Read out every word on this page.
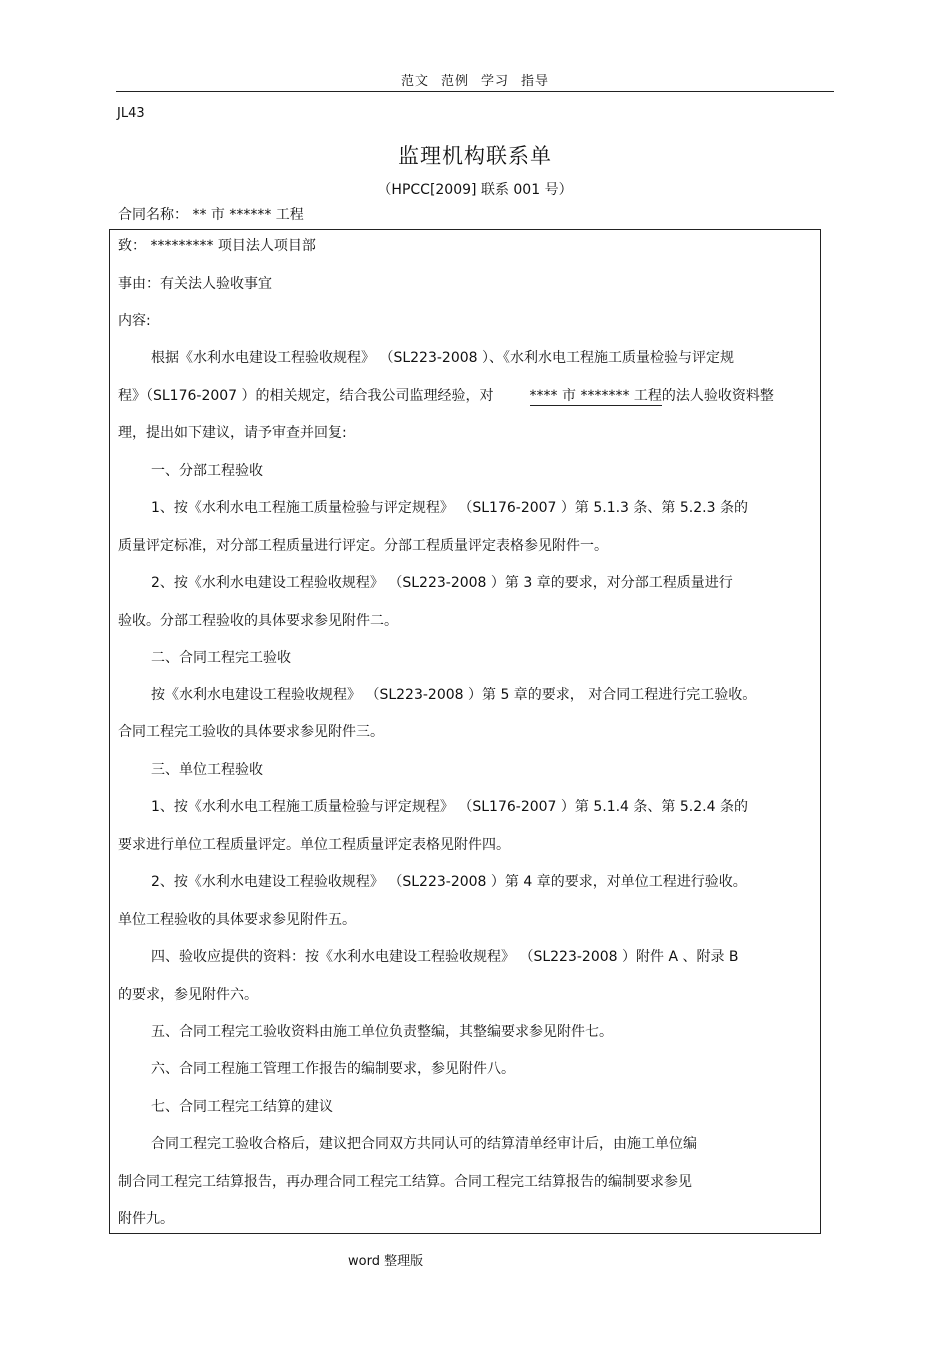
范文 范例 学习 指导
JL43
监理机构联系单
（HPCC[2009] 联系 001 号）
合同名称： ** 市 ****** 工程
致： ********* 项目法人项目部
事由：有关法人验收事宜
内容:
根据《水利水电建设工程验收规程》 （SL223-2008 ）、《水利水电工程施工质量检验与评定规
程》（SL176-2007 ）的相关规定，结合我公司监理经验，对	**** 市 ******* 工程的法人验收资料整
理，提出如下建议，请予审查并回复:
一、分部工程验收
1、按《水利水电工程施工质量检验与评定规程》 （SL176-2007 ）第 5.1.3 条、第 5.2.3 条的
质量评定标准，对分部工程质量进行评定。分部工程质量评定表格参见附件一。
2、按《水利水电建设工程验收规程》 （SL223-2008 ）第 3 章的要求，对分部工程质量进行
验收。分部工程验收的具体要求参见附件二。
二、合同工程完工验收
按《水利水电建设工程验收规程》 （SL223-2008 ）第 5 章的要求， 对合同工程进行完工验收。
合同工程完工验收的具体要求参见附件三。
三、单位工程验收
1、按《水利水电工程施工质量检验与评定规程》 （SL176-2007 ）第 5.1.4 条、第 5.2.4 条的
要求进行单位工程质量评定。单位工程质量评定表格见附件四。
2、按《水利水电建设工程验收规程》 （SL223-2008 ）第 4 章的要求，对单位工程进行验收。
单位工程验收的具体要求参见附件五。
四、验收应提供的资料：按《水利水电建设工程验收规程》 （SL223-2008 ）附件 A 、附录 B
的要求，参见附件六。
五、合同工程完工验收资料由施工单位负责整编，其整编要求参见附件七。
六、合同工程施工管理工作报告的编制要求，参见附件八。
七、合同工程完工结算的建议
合同工程完工验收合格后，建议把合同双方共同认可的结算清单经审计后，由施工单位编
制合同工程完工结算报告，再办理合同工程完工结算。合同工程完工结算报告的编制要求参见
附件九。
word 整理版
